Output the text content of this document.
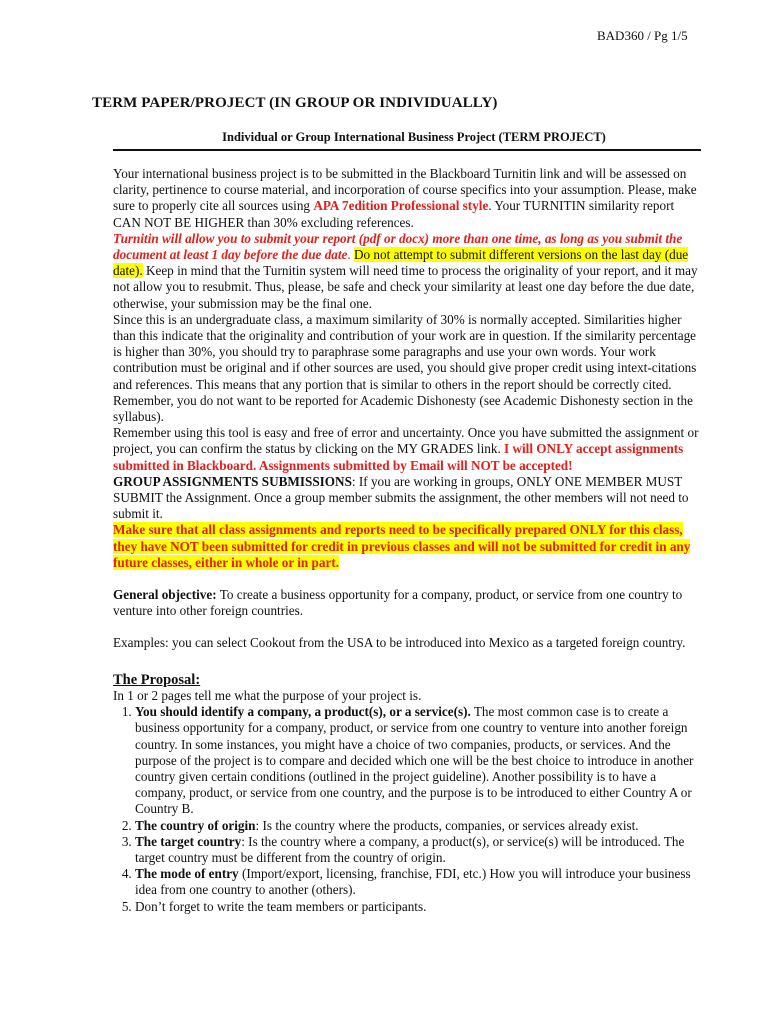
BAD360 / Pg 1/5
TERM PAPER/PROJECT (IN GROUP OR INDIVIDUALLY)
Individual or Group International Business Project (TERM PROJECT)

Your international business project is to be submitted in the Blackboard Turnitin link and will be assessed on clarity, pertinence to course material, and incorporation of course specifics into your assumption. Please, make sure to properly cite all sources using APA 7edition Professional style. Your TURNITIN similarity report CAN NOT BE HIGHER than 30% excluding references.

Turnitin will allow you to submit your report (pdf or docx) more than one time, as long as you submit the document at least 1 day before the due date. Do not attempt to submit different versions on the last day (due date). Keep in mind that the Turnitin system will need time to process the originality of your report, and it may not allow you to resubmit. Thus, please, be safe and check your similarity at least one day before the due date, otherwise, your submission may be the final one.

Since this is an undergraduate class, a maximum similarity of 30% is normally accepted. Similarities higher than this indicate that the originality and contribution of your work are in question. If the similarity percentage is higher than 30%, you should try to paraphrase some paragraphs and use your own words. Your work contribution must be original and if other sources are used, you should give proper credit using intext-citations and references. This means that any portion that is similar to others in the report should be correctly cited. Remember, you do not want to be reported for Academic Dishonesty (see Academic Dishonesty section in the syllabus).

Remember using this tool is easy and free of error and uncertainty. Once you have submitted the assignment or project, you can confirm the status by clicking on the MY GRADES link. I will ONLY accept assignments submitted in Blackboard. Assignments submitted by Email will NOT be accepted!

GROUP ASSIGNMENTS SUBMISSIONS: If you are working in groups, ONLY ONE MEMBER MUST SUBMIT the Assignment. Once a group member submits the assignment, the other members will not need to submit it.

Make sure that all class assignments and reports need to be specifically prepared ONLY for this class, they have NOT been submitted for credit in previous classes and will not be submitted for credit in any future classes, either in whole or in part.

General objective: To create a business opportunity for a company, product, or service from one country to venture into other foreign countries.

Examples: you can select Cookout from the USA to be introduced into Mexico as a targeted foreign country.

The Proposal:

In 1 or 2 pages tell me what the purpose of your project is.

1. You should identify a company, a product(s), or a service(s). The most common case is to create a business opportunity for a company, product, or service from one country to venture into another foreign country. In some instances, you might have a choice of two companies, products, or services. And the purpose of the project is to compare and decided which one will be the best choice to introduce in another country given certain conditions (outlined in the project guideline). Another possibility is to have a company, product, or service from one country, and the purpose is to be introduced to either Country A or Country B.
2. The country of origin: Is the country where the products, companies, or services already exist.
3. The target country: Is the country where a company, a product(s), or service(s) will be introduced. The target country must be different from the country of origin.
4. The mode of entry (Import/export, licensing, franchise, FDI, etc.) How you will introduce your business idea from one country to another (others).
5. Don’t forget to write the team members or participants.
